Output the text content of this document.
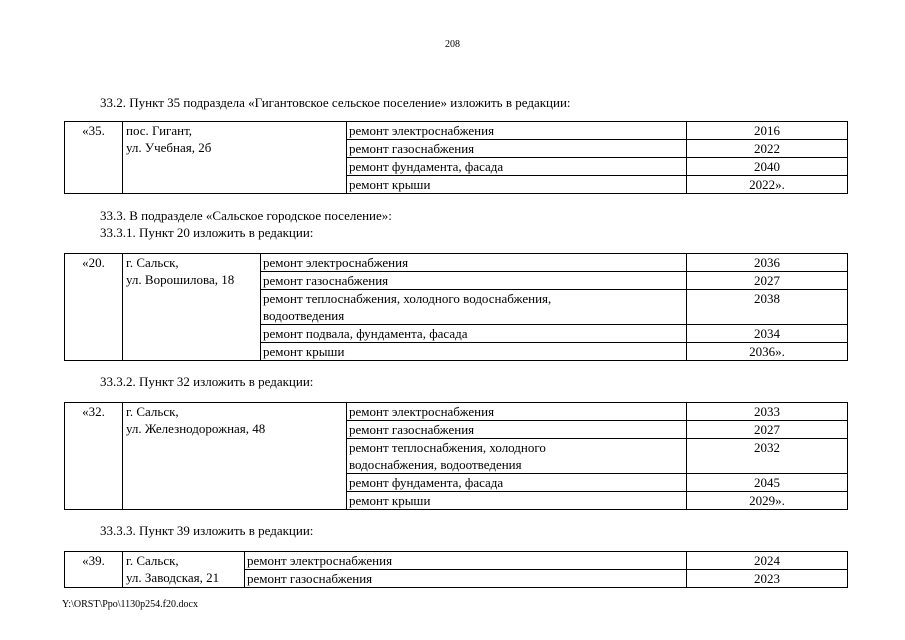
208
33.2. Пункт 35 подраздела «Гигантовское сельское поселение» изложить в редакции:
«35.	пос. Гигант,
ул. Учебная, 2б	ремонт электроснабжения	2016
		ремонт газоснабжения	2022
		ремонт фундамента, фасада	2040
		ремонт крыши	2022».
33.3. В подразделе «Сальское городское поселение»:
33.3.1. Пункт 20 изложить в редакции:
«20.	г. Сальск,
ул. Ворошилова, 18	ремонт электроснабжения	2036
		ремонт газоснабжения	2027
		ремонт теплоснабжения, холодного водоснабжения,
водоотведения	2038
		ремонт подвала, фундамента, фасада	2034
		ремонт крыши	2036».
33.3.2. Пункт 32 изложить в редакции:
«32.	г. Сальск,
ул. Железнодорожная, 48	ремонт электроснабжения	2033
		ремонт газоснабжения	2027
		ремонт теплоснабжения, холодного
водоснабжения, водоотведения	2032
		ремонт фундамента, фасада	2045
		ремонт крыши	2029».
33.3.3. Пункт 39 изложить в редакции:
«39.	г. Сальск,
ул. Заводская, 21	ремонт электроснабжения	2024
		ремонт газоснабжения	2023
Y:\ORST\Ppo\1130p254.f20.docx
